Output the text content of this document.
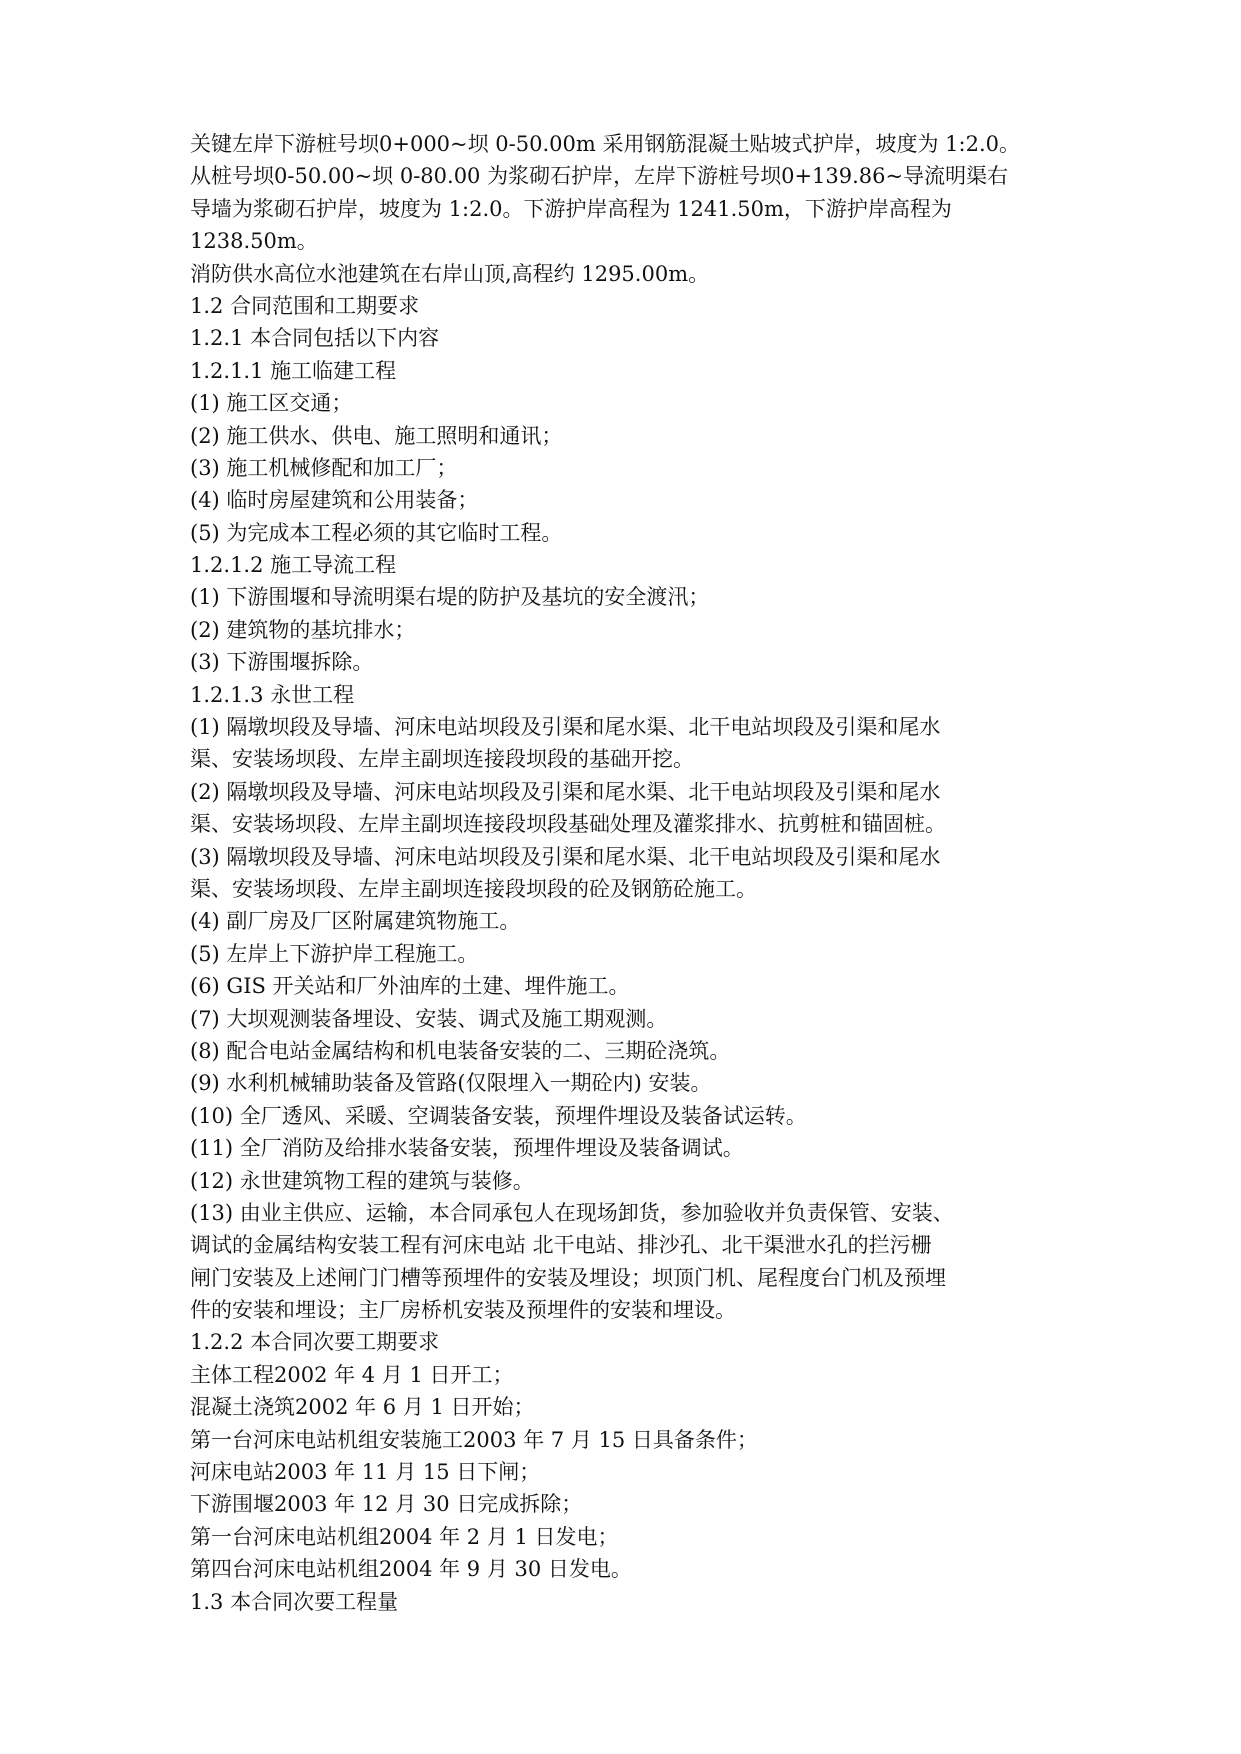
关键左岸下游桩号坝0+000~坝 0-50.00m 采用钢筋混凝土贴坡式护岸，坡度为 1:2.0。
从桩号坝0-50.00~坝 0-80.00 为浆砌石护岸，左岸下游桩号坝0+139.86~导流明渠右
导墙为浆砌石护岸，坡度为 1:2.0。下游护岸高程为 1241.50m，下游护岸高程为
1238.50m。
消防供水高位水池建筑在右岸山顶,高程约 1295.00m。
1.2 合同范围和工期要求
1.2.1 本合同包括以下内容
1.2.1.1 施工临建工程
(1) 施工区交通；
(2) 施工供水、供电、施工照明和通讯；
(3) 施工机械修配和加工厂；
(4) 临时房屋建筑和公用装备；
(5) 为完成本工程必须的其它临时工程。
1.2.1.2 施工导流工程
(1) 下游围堰和导流明渠右堤的防护及基坑的安全渡汛；
(2) 建筑物的基坑排水；
(3) 下游围堰拆除。
1.2.1.3 永世工程
(1) 隔墩坝段及导墙、河床电站坝段及引渠和尾水渠、北干电站坝段及引渠和尾水
渠、安装场坝段、左岸主副坝连接段坝段的基础开挖。
(2) 隔墩坝段及导墙、河床电站坝段及引渠和尾水渠、北干电站坝段及引渠和尾水
渠、安装场坝段、左岸主副坝连接段坝段基础处理及灌浆排水、抗剪桩和锚固桩。
(3) 隔墩坝段及导墙、河床电站坝段及引渠和尾水渠、北干电站坝段及引渠和尾水
渠、安装场坝段、左岸主副坝连接段坝段的砼及钢筋砼施工。
(4) 副厂房及厂区附属建筑物施工。
(5) 左岸上下游护岸工程施工。
(6) GIS 开关站和厂外油库的土建、埋件施工。
(7) 大坝观测装备埋设、安装、调式及施工期观测。
(8) 配合电站金属结构和机电装备安装的二、三期砼浇筑。
(9) 水利机械辅助装备及管路(仅限埋入一期砼内) 安装。
(10) 全厂透风、采暖、空调装备安装，预埋件埋设及装备试运转。
(11) 全厂消防及给排水装备安装，预埋件埋设及装备调试。
(12) 永世建筑物工程的建筑与装修。
(13) 由业主供应、运输，本合同承包人在现场卸货，参加验收并负责保管、安装、
调试的金属结构安装工程有河床电站 北干电站、排沙孔、北干渠泄水孔的拦污栅
闸门安装及上述闸门门槽等预埋件的安装及埋设；坝顶门机、尾程度台门机及预埋
件的安装和埋设；主厂房桥机安装及预埋件的安装和埋设。
1.2.2 本合同次要工期要求
主体工程2002 年 4 月 1 日开工；
混凝土浇筑2002 年 6 月 1 日开始；
第一台河床电站机组安装施工2003 年 7 月 15 日具备条件；
河床电站2003 年 11 月 15 日下闸；
下游围堰2003 年 12 月 30 日完成拆除；
第一台河床电站机组2004 年 2 月 1 日发电；
第四台河床电站机组2004 年 9 月 30 日发电。
1.3 本合同次要工程量
